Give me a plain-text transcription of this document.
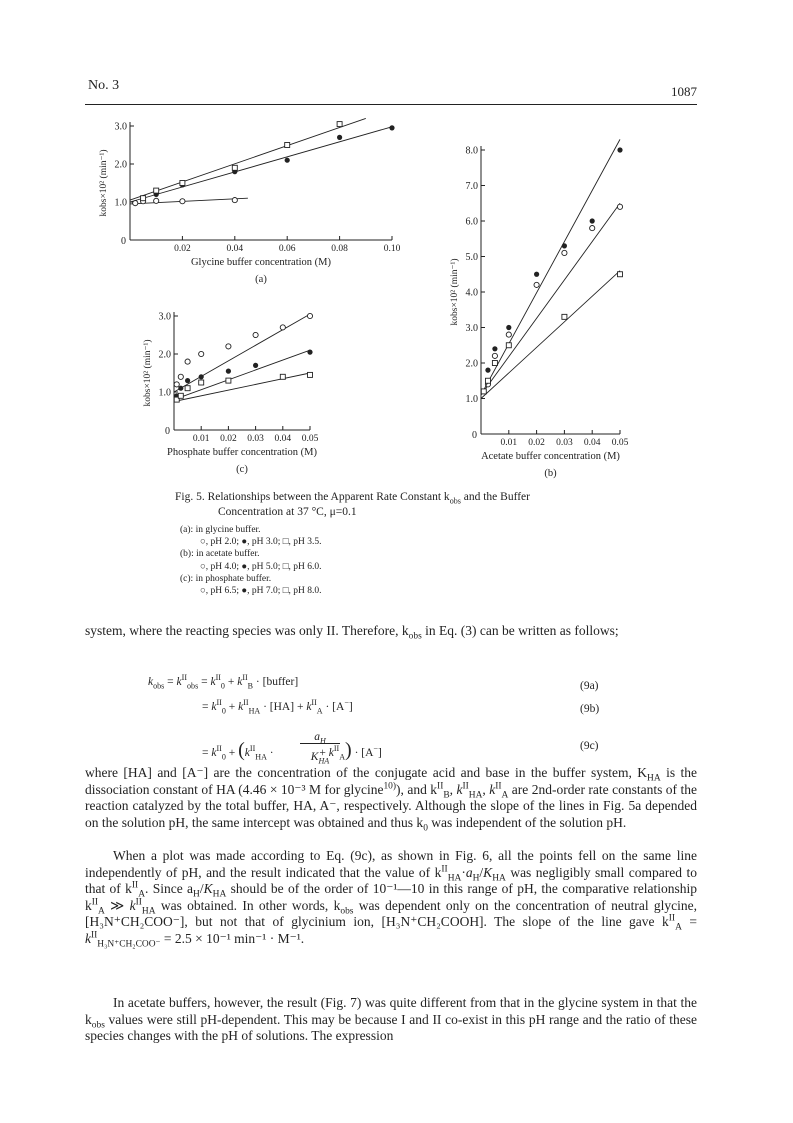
No. 3	1087
0.02	0.04	0.06	0.08	0.10
1.0
2.0
3.0
0
kobs×10² (min⁻¹)
Glycine buffer concentration (M)
(a)
0.01 0.02 0.03 0.04 0.05
1.0
2.0
3.0
4.0
5.0
6.0
7.0
8.0
0
kobs×10² (min⁻¹)
Acetate buffer concentration (M)
(b)
0.01 0.02 0.03 0.04 0.05
1.0
2.0
3.0
0
kobs×10² (min⁻¹)
Phosphate buffer concentration (M)
(c)
Fig. 5. Relationships between the Apparent Rate Constant $k_{obs}$ and the Buffer
Concentration at 37 °C, μ=0.1
(a): in glycine buffer.
○, pH 2.0; ●, pH 3.0; □, pH 3.5.
(b): in acetate buffer.
○, pH 4.0; ●, pH 5.0; □, pH 6.0.
(c): in phosphate buffer.
○, pH 6.5; ●, pH 7.0; □, pH 8.0.
system, where the reacting species was only II. Therefore, $k_{obs}$ in Eq. (3) can be written as follows;
$k_{obs} = k^{II}_{obs} = k^{II}_0 + k^{II}_B$ · [buffer]	(9a)
= $k^{II}_0 + k^{II}_{HA} \cdot [HA] + k^{II}_A \cdot [A^-]$	(9b)
= $k^{II}_0 + (k^{II}_{HA}$ ·	+ $k^{II}_A) \cdot [A^-]$
$a_H$
$K_{HA}$
(9c)
where [HA] and [A⁻] are the concentration of the conjugate acid and base in the buffer system, $K_{HA}$ is the dissociation constant of HA (4.46 × 10⁻³ M for glycine$^{10)}$), and $k^{II}_B$, $k^{II}_{HA}$, $k^{II}_A$ are 2nd-order rate constants of the reaction catalyzed by the total buffer, HA, A⁻, respectively. Although the slope of the lines in Fig. 5a depended on the solution pH, the same intercept was obtained and thus $k_0$ was independent of the solution pH.
When a plot was made according to Eq. (9c), as shown in Fig. 6, all the points fell on the same line independently of pH, and the result indicated that the value of $k^{II}_{HA}\cdot a_H/K_{HA}$ was negligibly small compared to that of $k^{II}_A$. Since $a_H/K_{HA}$ should be of the order of 10⁻¹—10 in this range of pH, the comparative relationship $k^{II}_A$ ≫ $k^{II}_{HA}$ was obtained. In other words, $k_{obs}$ was dependent only on the concentration of neutral glycine, [H₃N⁺CH₂COO⁻], but not that of glycinium ion, [H₃N⁺CH₂COOH]. The slope of the line gave $k^{II}_A = k^{II}_{H_3N^+CH_2COO^-} = 2.5 \times 10^{-1}$ min⁻¹ · M⁻¹.
In acetate buffers, however, the result (Fig. 7) was quite different from that in the glycine system in that the $k_{obs}$ values were still pH-dependent. This may be because I and II co-exist in this pH range and the ratio of these species changes with the pH of solutions. The expression
